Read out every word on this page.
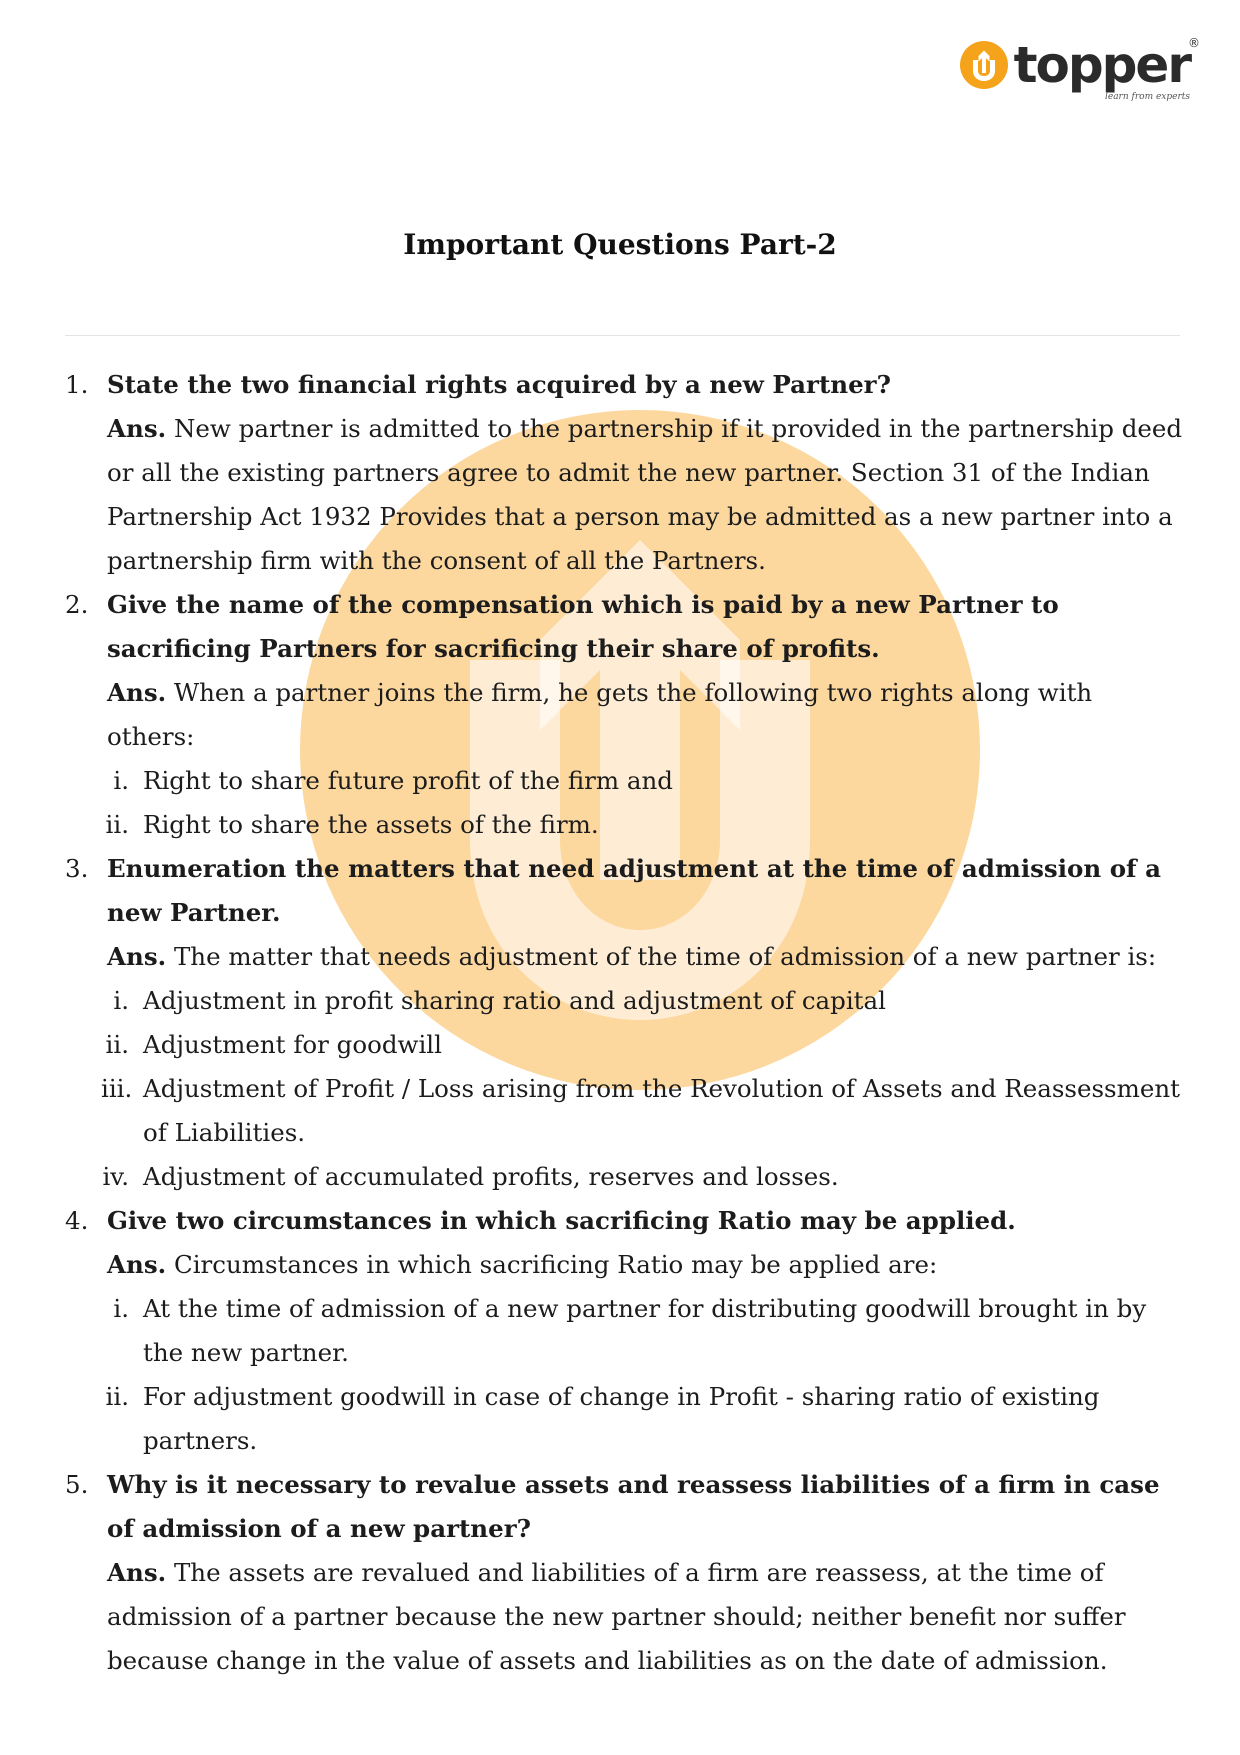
topper
®
learn from experts
Important Questions Part-2
1. State the two financial rights acquired by a new Partner?
Ans. New partner is admitted to the partnership if it provided in the partnership deed or all the existing partners agree to admit the new partner. Section 31 of the Indian Partnership Act 1932 Provides that a person may be admitted as a new partner into a partnership firm with the consent of all the Partners.
2. Give the name of the compensation which is paid by a new Partner to sacrificing Partners for sacrificing their share of profits.
Ans. When a partner joins the firm, he gets the following two rights along with others:
i. Right to share future profit of the firm and
ii. Right to share the assets of the firm.
3. Enumeration the matters that need adjustment at the time of admission of a new Partner.
Ans. The matter that needs adjustment of the time of admission of a new partner is:
i. Adjustment in profit sharing ratio and adjustment of capital
ii. Adjustment for goodwill
iii. Adjustment of Profit / Loss arising from the Revolution of Assets and Reassessment of Liabilities.
iv. Adjustment of accumulated profits, reserves and losses.
4. Give two circumstances in which sacrificing Ratio may be applied.
Ans. Circumstances in which sacrificing Ratio may be applied are:
i. At the time of admission of a new partner for distributing goodwill brought in by the new partner.
ii. For adjustment goodwill in case of change in Profit - sharing ratio of existing partners.
5. Why is it necessary to revalue assets and reassess liabilities of a firm in case of admission of a new partner?
Ans. The assets are revalued and liabilities of a firm are reassess, at the time of admission of a partner because the new partner should; neither benefit nor suffer because change in the value of assets and liabilities as on the date of admission.
